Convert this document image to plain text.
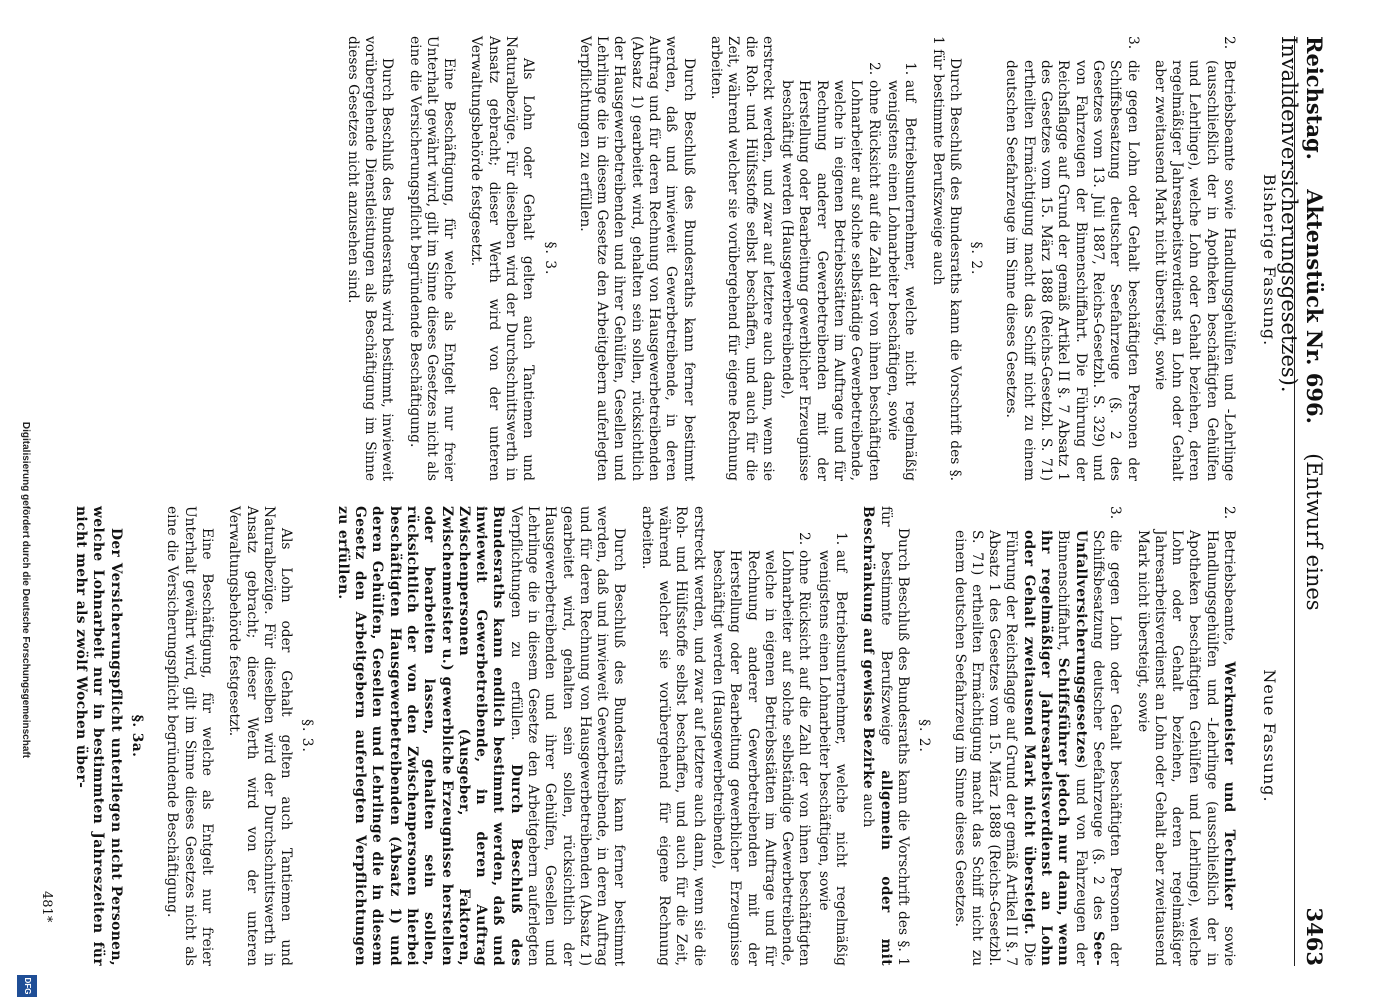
Reichstag.    Aktenstück Nr. 696.    (Entwurf eines Invalidenversicherungsgesetzes).
3463
Bisherige Fassung.
Neue Fassung.
2.
Betriebsbeamte sowie Handlungsgehülfen und -Lehrlinge (ausschließlich der in Apotheken beschäftigten Gehülfen und Lehrlinge), welche Lohn oder Gehalt beziehen, deren regelmäßiger Jahresarbeitsverdienst an Lohn oder Gehalt aber zweitausend Mark nicht übersteigt, sowie
3.
die gegen Lohn oder Gehalt beschäftigten Personen der Schiffsbesatzung deutscher Seefahrzeuge (§. 2 des Gesetzes vom 13. Juli 1887, Reichs-Gesetzbl. S. 329) und von Fahrzeugen der Binnenschiffahrt. Die Führung der Reichsflagge auf Grund der gemäß Artikel II §. 7 Absatz 1 des Gesetzes vom 15. März 1888 (Reichs-Gesetzbl. S. 71) ertheilten Ermächtigung macht das Schiff nicht zu einem deutschen Seefahrzeuge im Sinne dieses Gesetzes.
§. 2.

Durch Beschluß des Bundesraths kann die Vorschrift des §. 1 für bestimmte Berufszweige auch

1.
auf Betriebsunternehmer, welche nicht regelmäßig wenigstens einen Lohnarbeiter beschäftigen, sowie
2.
ohne Rücksicht auf die Zahl der von ihnen beschäftigten Lohnarbeiter auf solche selbständige Gewerbetreibende, welche in eigenen Betriebsstätten im Auftrage und für Rechnung anderer Gewerbetreibenden mit der Herstellung oder Bearbeitung gewerblicher Erzeugnisse beschäftigt werden (Hausgewerbetreibende),

erstreckt werden, und zwar auf letztere auch dann, wenn sie die Roh- und Hülfsstoffe selbst beschaffen, und auch für die Zeit, während welcher sie vorübergehend für eigene Rechnung arbeiten.

Durch Beschluß des Bundesraths kann ferner bestimmt werden, daß und inwieweit Gewerbetreibende, in deren Auftrag und für deren Rechnung von Hausgewerbetreibenden (Absatz 1) gearbeitet wird, gehalten sein sollen, rücksichtlich der Hausgewerbetreibenden und ihrer Gehülfen, Gesellen und Lehrlinge die in diesem Gesetze den Arbeitgebern auferlegten Verpflichtungen zu erfüllen.

§. 3.

Als Lohn oder Gehalt gelten auch Tantiemen und Naturalbezüge. Für dieselben wird der Durchschnittswerth in Ansatz gebracht; dieser Werth wird von der unteren Verwaltungsbehörde festgesetzt.

Eine Beschäftigung, für welche als Entgelt nur freier Unterhalt gewährt wird, gilt im Sinne dieses Gesetzes nicht als eine die Versicherungspflicht begründende Beschäftigung.

Durch Beschluß des Bundesraths wird bestimmt, inwieweit vorübergehende Dienstleistungen als Beschäftigung im Sinne dieses Gesetzes nicht anzusehen sind.

2.
Betriebsbeamte, Werkmeister und Techniker sowie Handlungsgehülfen und -Lehrlinge (ausschließlich der in Apotheken beschäftigten Gehülfen und Lehrlinge), welche Lohn oder Gehalt beziehen, deren regelmäßiger Jahresarbeitsverdienst an Lohn oder Gehalt aber zweitausend Mark nicht übersteigt, sowie
3.
die gegen Lohn oder Gehalt beschäftigten Personen der Schiffsbesatzung deutscher Seefahrzeuge (§. 2 des See-Unfallversicherungsgesetzes) und von Fahrzeugen der Binnenschiffahrt, Schiffsführer jedoch nur dann, wenn ihr regelmäßiger Jahresarbeitsverdienst an Lohn oder Gehalt zweitausend Mark nicht übersteigt. Die Führung der Reichsflagge auf Grund der gemäß Artikel II §. 7 Absatz 1 des Gesetzes vom 15. März 1888 (Reichs-Gesetzbl. S. 71) ertheilten Ermächtigung macht das Schiff nicht zu einem deutschen Seefahrzeug im Sinne dieses Gesetzes.
§. 2.

Durch Beschluß des Bundesraths kann die Vorschrift des §. 1 für bestimmte Berufszweige allgemein oder mit Beschränkung auf gewisse Bezirke auch

1.
auf Betriebsunternehmer, welche nicht regelmäßig wenigstens einen Lohnarbeiter beschäftigen, sowie
2.
ohne Rücksicht auf die Zahl der von ihnen beschäftigten Lohnarbeiter auf solche selbständige Gewerbetreibende, welche in eigenen Betriebsstätten im Auftrage und für Rechnung anderer Gewerbetreibenden mit der Herstellung oder Bearbeitung gewerblicher Erzeugnisse beschäftigt werden (Hausgewerbetreibende),

erstreckt werden, und zwar auf letztere auch dann, wenn sie die Roh- und Hülfsstoffe selbst beschaffen, und auch für die Zeit, während welcher sie vorübergehend für eigene Rechnung arbeiten.

Durch Beschluß des Bundesraths kann ferner bestimmt werden, daß und inwieweit Gewerbetreibende, in deren Auftrag und für deren Rechnung von Hausgewerbetreibenden (Absatz 1) gearbeitet wird, gehalten sein sollen, rücksichtlich der Hausgewerbetreibenden und ihrer Gehülfen, Gesellen und Lehrlinge die in diesem Gesetze den Arbeitgebern auferlegten Verpflichtungen zu erfüllen. Durch Beschluß des Bundesraths kann endlich bestimmt werden, daß und inwieweit Gewerbetreibende, in deren Auftrag Zwischenpersonen (Ausgeber, Faktoren, Zwischenmeister u.) gewerbliche Erzeugnisse herstellen oder bearbeiten lassen, gehalten sein sollen, rücksichtlich der von den Zwischenpersonen hierbei beschäftigten Hausgewerbetreibenden (Absatz 1) und deren Gehülfen, Gesellen und Lehrlinge die in diesem Gesetz den Arbeitgebern auferlegten Verpflichtungen zu erfüllen.

§. 3.

Als Lohn oder Gehalt gelten auch Tantiemen und Naturalbezüge. Für dieselben wird der Durchschnittswerth in Ansatz gebracht; dieser Werth wird von der unteren Verwaltungsbehörde festgesetzt.

Eine Beschäftigung, für welche als Entgelt nur freier Unterhalt gewährt wird, gilt im Sinne dieses Gesetzes nicht als eine die Versicherungspflicht begründende Beschäftigung.

§. 3a.

Der Versicherungspflicht unterliegen nicht Personen, welche Lohnarbeit nur in bestimmten Jahreszeiten für nicht mehr als zwölf Wochen über-

481*
Digitalisierung gefördert durch die Deutsche Forschungsgemeinschaft
DFG
